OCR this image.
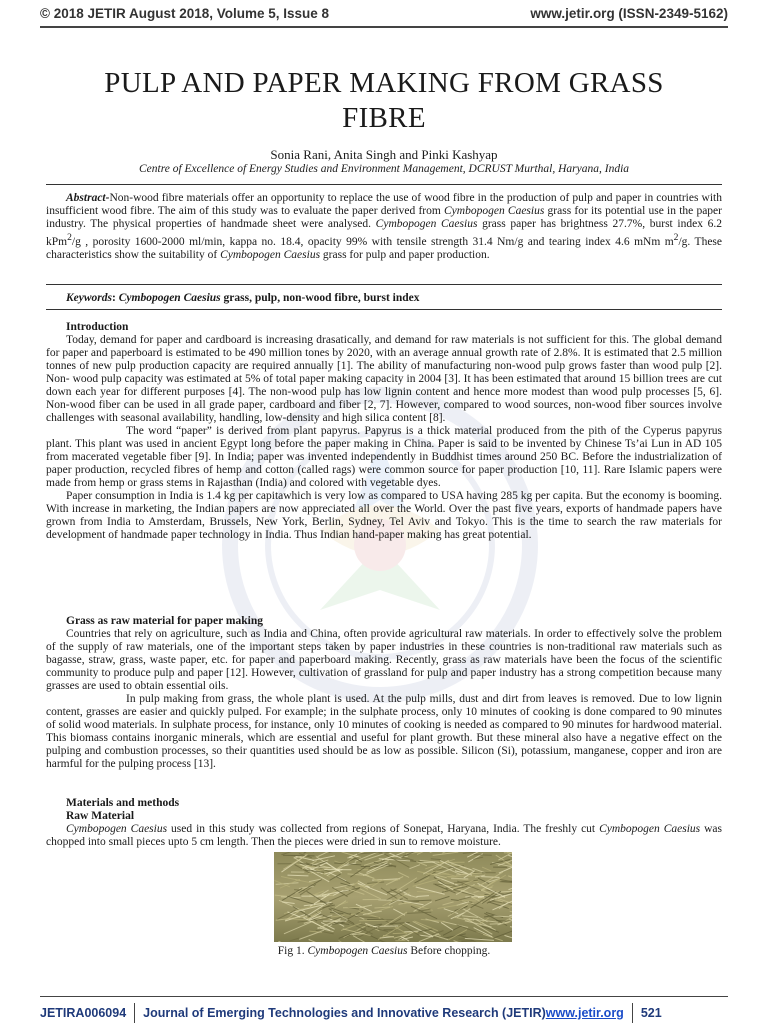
© 2018 JETIR August 2018, Volume 5, Issue 8	www.jetir.org (ISSN-2349-5162)
PULP AND PAPER MAKING FROM GRASS
FIBRE
Sonia Rani, Anita Singh and Pinki Kashyap
Centre of Excellence of Energy Studies and Environment Management, DCRUST Murthal, Haryana, India

Abstract-Non-wood fibre materials offer an opportunity to replace the use of wood fibre in the production of pulp and paper in countries with insufficient wood fibre. The aim of this study was to evaluate the paper derived from Cymbopogen Caesius grass for its potential use in the paper industry. The physical properties of handmade sheet were analysed. Cymbopogen Caesius grass paper has brightness 27.7%, burst index 6.2 kPm$^2$/g , porosity 1600-2000 ml/min, kappa no. 18.4, opacity 99% with tensile strength 31.4 Nm/g and tearing index 4.6 mNm $m^2/g$. These characteristics show the suitability of Cymbopogen Caesius grass for pulp and paper production.

Keywords: Cymbopogen Caesius grass, pulp, non-wood fibre, burst index

Introduction

Today, demand for paper and cardboard is increasing drasatically, and demand for raw materials is not sufficient for this. The global demand for paper and paperboard is estimated to be 490 million tones by 2020, with an average annual growth rate of 2.8%. It is estimated that 2.5 million tonnes of new pulp production capacity are required annually [1]. The ability of manufacturing non-wood pulp grows faster than wood pulp [2]. Non- wood pulp capacity was estimated at 5% of total paper making capacity in 2004 [3]. It has been estimated that around 15 billion trees are cut down each year for different purposes [4]. The non-wood pulp has low lignin content and hence more modest than wood pulp processes [5, 6]. Non-wood fiber can be used in all grade paper, cardboard and fiber [2, 7]. However, compared to wood sources, non-wood fiber sources involve challenges with seasonal availability, handling, low-density and high silica content [8].

The word “paper” is derived from plant papyrus. Papyrus is a thick material produced from the pith of the Cyperus papyrus plant. This plant was used in ancient Egypt long before the paper making in China. Paper is said to be invented by Chinese Ts’ai Lun in AD 105 from macerated vegetable fiber [9]. In India; paper was invented independently in Buddhist times around 250 BC. Before the industrialization of paper production, recycled fibres of hemp and cotton (called rags) were common source for paper production [10, 11]. Rare Islamic papers were made from hemp or grass stems in Rajasthan (India) and colored with vegetable dyes.

Paper consumption in India is 1.4 kg per capitawhich is very low as compared to USA having 285 kg per capita. But the economy is booming. With increase in marketing, the Indian papers are now appreciated all over the World. Over the past five years, exports of handmade papers have grown from India to Amsterdam, Brussels, New York, Berlin, Sydney, Tel Aviv and Tokyo. This is the time to search the raw materials for development of handmade paper technology in India. Thus Indian hand-paper making has great potential.

Grass as raw material for paper making

Countries that rely on agriculture, such as India and China, often provide agricultural raw materials. In order to effectively solve the problem of the supply of raw materials, one of the important steps taken by paper industries in these countries is non-traditional raw materials such as bagasse, straw, grass, waste paper, etc. for paper and paperboard making. Recently, grass as raw materials have been the focus of the scientific community to produce pulp and paper [12]. However, cultivation of grassland for pulp and paper industry has a strong competition because many grasses are used to obtain essential oils.

In pulp making from grass, the whole plant is used. At the pulp mills, dust and dirt from leaves is removed. Due to low lignin content, grasses are easier and quickly pulped. For example; in the sulphate process, only 10 minutes of cooking is done compared to 90 minutes of solid wood materials. In sulphate process, for instance, only 10 minutes of cooking is needed as compared to 90 minutes for hardwood material. This biomass contains inorganic minerals, which are essential and useful for plant growth. But these mineral also have a negative effect on the pulping and combustion processes, so their quantities used should be as low as possible. Silicon (Si), potassium, manganese, copper and iron are harmful for the pulping process [13].

Materials and methods

Raw Material

Cymbopogen Caesius used in this study was collected from regions of Sonepat, Haryana, India. The freshly cut Cymbopogen Caesius was chopped into small pieces upto 5 cm length. Then the pieces were dried in sun to remove moisture.

Fig 1. Cymbopogen Caesius Before chopping.
JETIRA006094 Journal of Emerging Technologies and Innovative Research (JETIR) www.jetir.org 521
